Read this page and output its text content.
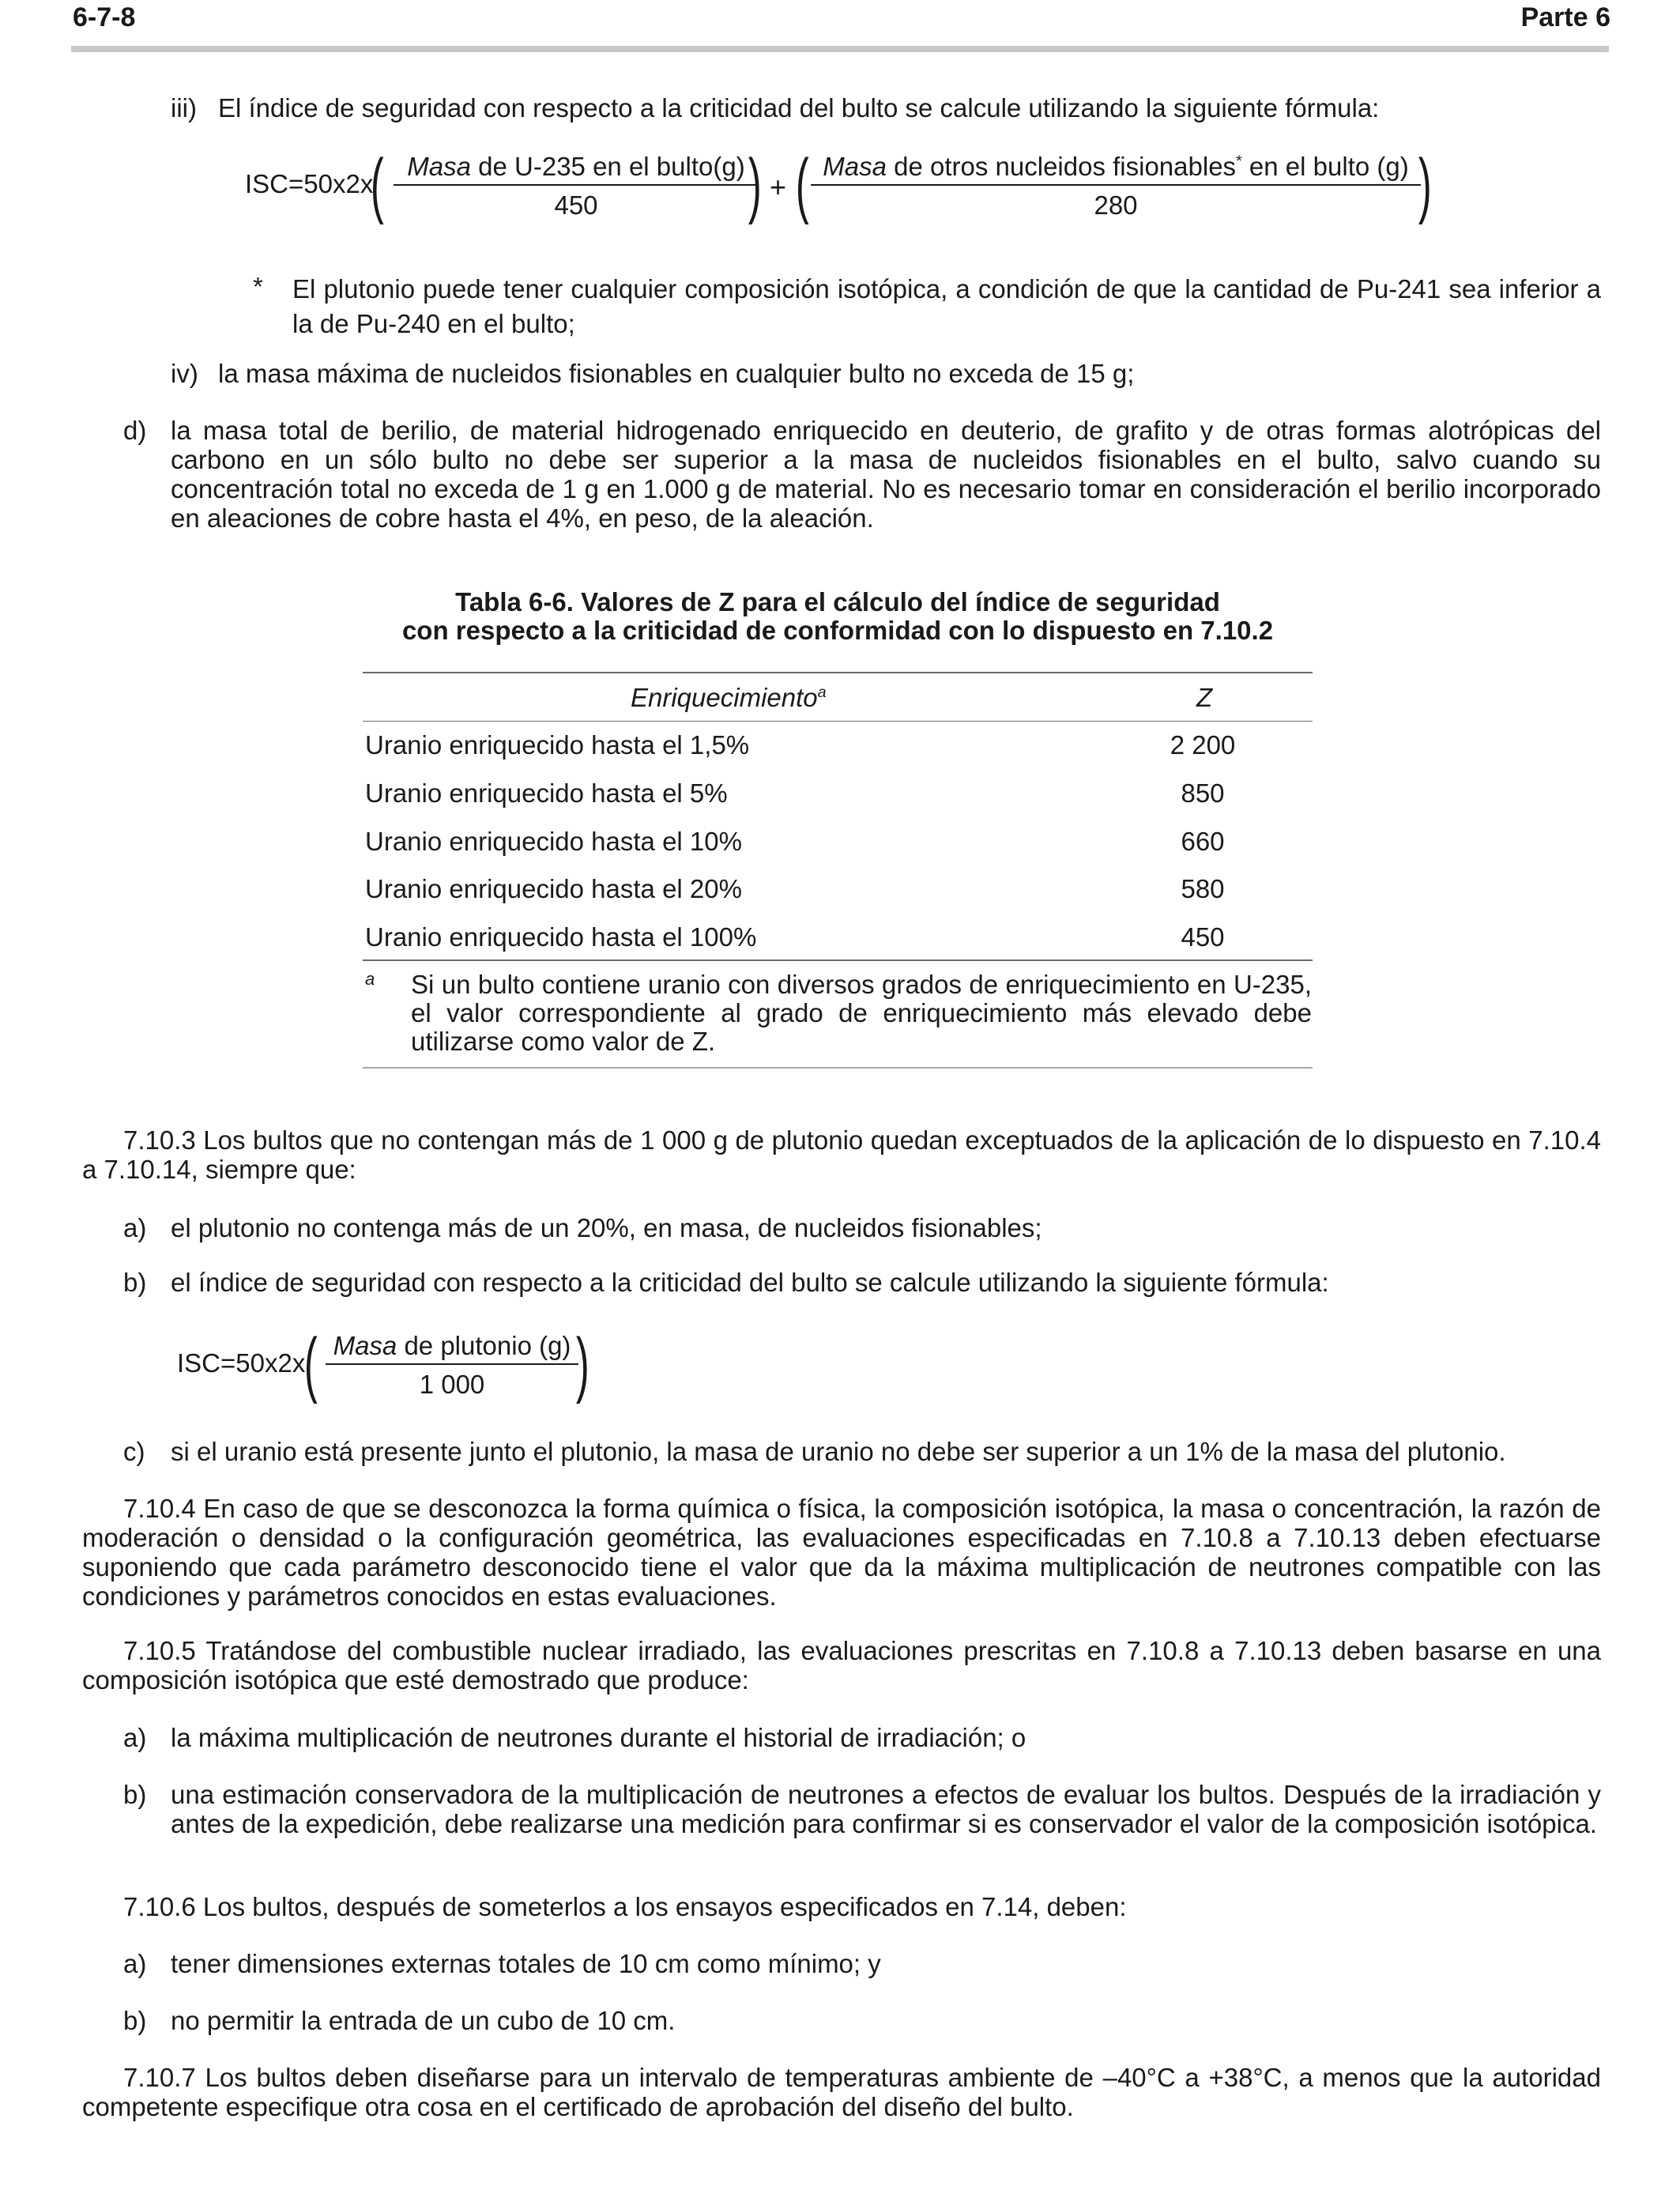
6-7-8	Parte 6
iii) El índice de seguridad con respecto a la criticidad del bulto se calcule utilizando la siguiente fórmula:
ISC=50x2x
( Masa de U-235 en el bulto(g)
450	) + ( Masa de otros nucleidos fisionables* en el bulto (g)
280	)
* El plutonio puede tener cualquier composición isotópica, a condición de que la cantidad de Pu-241 sea inferior a la de Pu-240 en el bulto;
iv) la masa máxima de nucleidos fisionables en cualquier bulto no exceda de 15 g;
d) la masa total de berilio, de material hidrogenado enriquecido en deuterio, de grafito y de otras formas alotrópicas del carbono en un sólo bulto no debe ser superior a la masa de nucleidos fisionables en el bulto, salvo cuando su concentración total no exceda de 1 g en 1.000 g de material. No es necesario tomar en consideración el berilio incorporado en aleaciones de cobre hasta el 4%, en peso, de la aleación.
Tabla 6-6. Valores de Z para el cálculo del índice de seguridad
con respecto a la criticidad de conformidad con lo dispuesto en 7.10.2
Enriquecimiento$^a$	Z
Uranio enriquecido hasta el 1,5%	2 200
Uranio enriquecido hasta el 5%	850
Uranio enriquecido hasta el 10%	660
Uranio enriquecido hasta el 20%	580
Uranio enriquecido hasta el 100%	450
a Si un bulto contiene uranio con diversos grados de enriquecimiento en U-235, el valor correspondiente al grado de enriquecimiento más elevado debe utilizarse como valor de Z.
7.10.3 Los bultos que no contengan más de 1 000 g de plutonio quedan exceptuados de la aplicación de lo dispuesto en 7.10.4 a 7.10.14, siempre que:
a) el plutonio no contenga más de un 20%, en masa, de nucleidos fisionables;
b) el índice de seguridad con respecto a la criticidad del bulto se calcule utilizando la siguiente fórmula:
ISC=50x2x
( Masa de plutonio (g)
1 000	)
c) si el uranio está presente junto el plutonio, la masa de uranio no debe ser superior a un 1% de la masa del plutonio.
7.10.4 En caso de que se desconozca la forma química o física, la composición isotópica, la masa o concentración, la razón de moderación o densidad o la configuración geométrica, las evaluaciones especificadas en 7.10.8 a 7.10.13 deben efectuarse suponiendo que cada parámetro desconocido tiene el valor que da la máxima multiplicación de neutrones compatible con las condiciones y parámetros conocidos en estas evaluaciones.
7.10.5 Tratándose del combustible nuclear irradiado, las evaluaciones prescritas en 7.10.8 a 7.10.13 deben basarse en una composición isotópica que esté demostrado que produce:
a) la máxima multiplicación de neutrones durante el historial de irradiación; o
b) una estimación conservadora de la multiplicación de neutrones a efectos de evaluar los bultos. Después de la irradiación y antes de la expedición, debe realizarse una medición para confirmar si es conservador el valor de la composición isotópica.
7.10.6 Los bultos, después de someterlos a los ensayos especificados en 7.14, deben:
a) tener dimensiones externas totales de 10 cm como mínimo; y
b) no permitir la entrada de un cubo de 10 cm.
7.10.7 Los bultos deben diseñarse para un intervalo de temperaturas ambiente de –40°C a +38°C, a menos que la autoridad competente especifique otra cosa en el certificado de aprobación del diseño del bulto.
